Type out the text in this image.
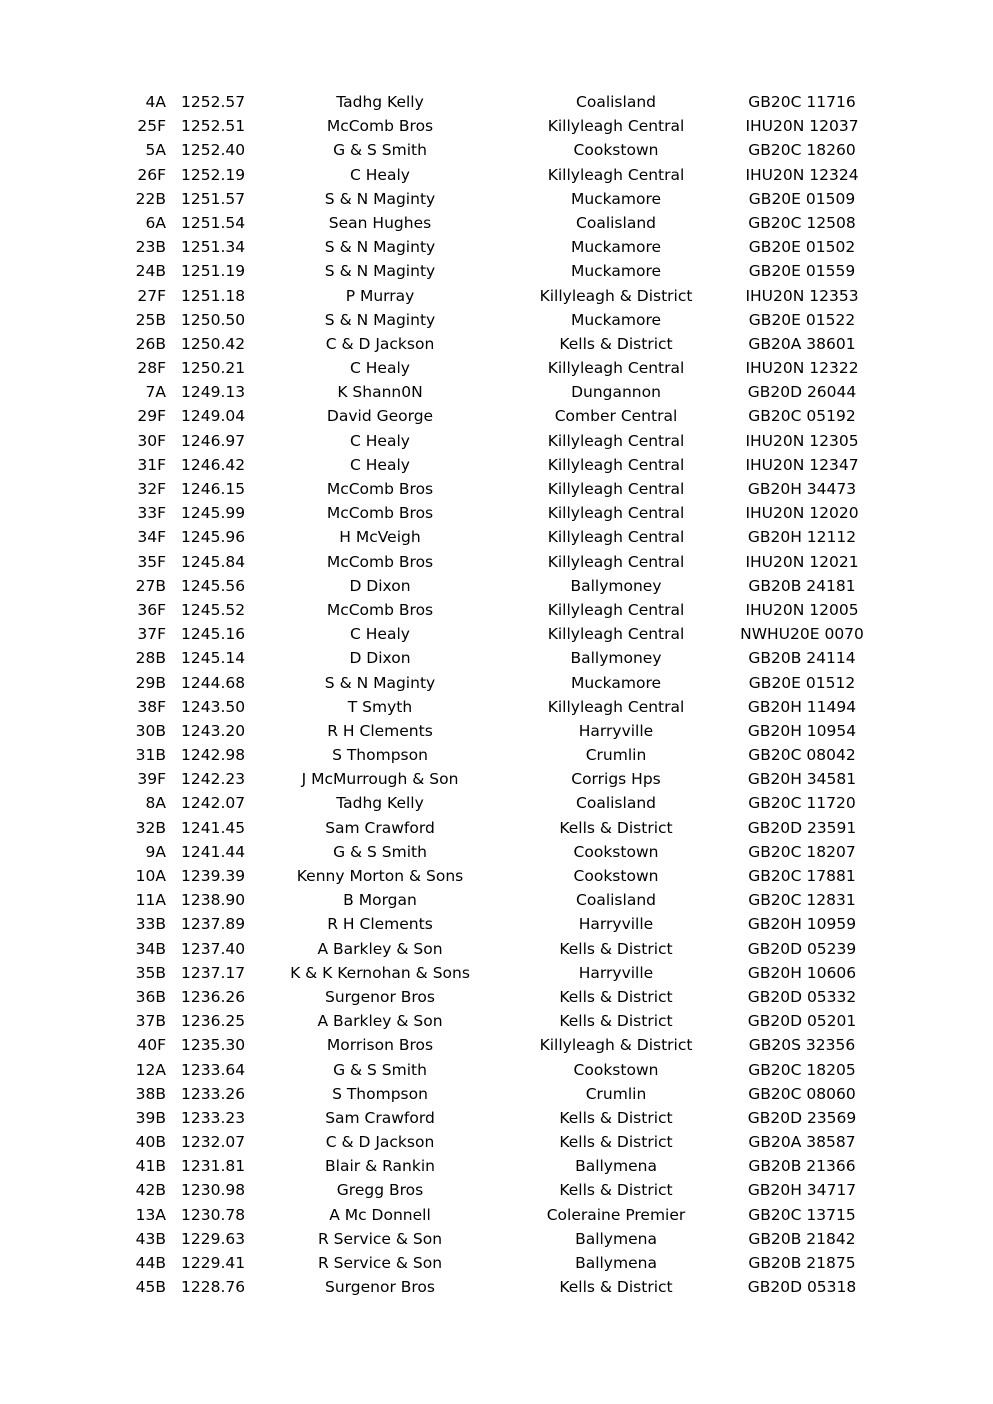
4A 1252.57	Tadhg Kelly	Coalisland	GB20C 11716
25F 1252.51	McComb Bros	Killyleagh Central	IHU20N 12037
5A 1252.40	G & S Smith	Cookstown	GB20C 18260
26F 1252.19	C Healy	Killyleagh Central	IHU20N 12324
22B 1251.57	S & N Maginty	Muckamore	GB20E 01509
6A 1251.54	Sean Hughes	Coalisland	GB20C 12508
23B 1251.34	S & N Maginty	Muckamore	GB20E 01502
24B 1251.19	S & N Maginty	Muckamore	GB20E 01559
27F 1251.18	P Murray	Killyleagh & District	IHU20N 12353
25B 1250.50	S & N Maginty	Muckamore	GB20E 01522
26B 1250.42	C & D Jackson	Kells & District	GB20A 38601
28F 1250.21	C Healy	Killyleagh Central	IHU20N 12322
7A 1249.13	K Shann0N	Dungannon	GB20D 26044
29F 1249.04	David George	Comber Central	GB20C 05192
30F 1246.97	C Healy	Killyleagh Central	IHU20N 12305
31F 1246.42	C Healy	Killyleagh Central	IHU20N 12347
32F 1246.15	McComb Bros	Killyleagh Central	GB20H 34473
33F 1245.99	McComb Bros	Killyleagh Central	IHU20N 12020
34F 1245.96	H McVeigh	Killyleagh Central	GB20H 12112
35F 1245.84	McComb Bros	Killyleagh Central	IHU20N 12021
27B 1245.56	D Dixon	Ballymoney	GB20B 24181
36F 1245.52	McComb Bros	Killyleagh Central	IHU20N 12005
37F 1245.16	C Healy	Killyleagh Central	NWHU20E 0070
28B 1245.14	D Dixon	Ballymoney	GB20B 24114
29B 1244.68	S & N Maginty	Muckamore	GB20E 01512
38F 1243.50	T Smyth	Killyleagh Central	GB20H 11494
30B 1243.20	R H Clements	Harryville	GB20H 10954
31B 1242.98	S Thompson	Crumlin	GB20C 08042
39F 1242.23	J McMurrough & Son	Corrigs Hps	GB20H 34581
8A 1242.07	Tadhg Kelly	Coalisland	GB20C 11720
32B 1241.45	Sam Crawford	Kells & District	GB20D 23591
9A 1241.44	G & S Smith	Cookstown	GB20C 18207
10A 1239.39	Kenny Morton & Sons	Cookstown	GB20C 17881
11A 1238.90	B Morgan	Coalisland	GB20C 12831
33B 1237.89	R H Clements	Harryville	GB20H 10959
34B 1237.40	A Barkley & Son	Kells & District	GB20D 05239
35B 1237.17	K & K Kernohan & Sons	Harryville	GB20H 10606
36B 1236.26	Surgenor Bros	Kells & District	GB20D 05332
37B 1236.25	A Barkley & Son	Kells & District	GB20D 05201
40F 1235.30	Morrison Bros	Killyleagh & District	GB20S 32356
12A 1233.64	G & S Smith	Cookstown	GB20C 18205
38B 1233.26	S Thompson	Crumlin	GB20C 08060
39B 1233.23	Sam Crawford	Kells & District	GB20D 23569
40B 1232.07	C & D Jackson	Kells & District	GB20A 38587
41B 1231.81	Blair & Rankin	Ballymena	GB20B 21366
42B 1230.98	Gregg Bros	Kells & District	GB20H 34717
13A 1230.78	A Mc Donnell	Coleraine Premier	GB20C 13715
43B 1229.63	R Service & Son	Ballymena	GB20B 21842
44B 1229.41	R Service & Son	Ballymena	GB20B 21875
45B 1228.76	Surgenor Bros	Kells & District	GB20D 05318
